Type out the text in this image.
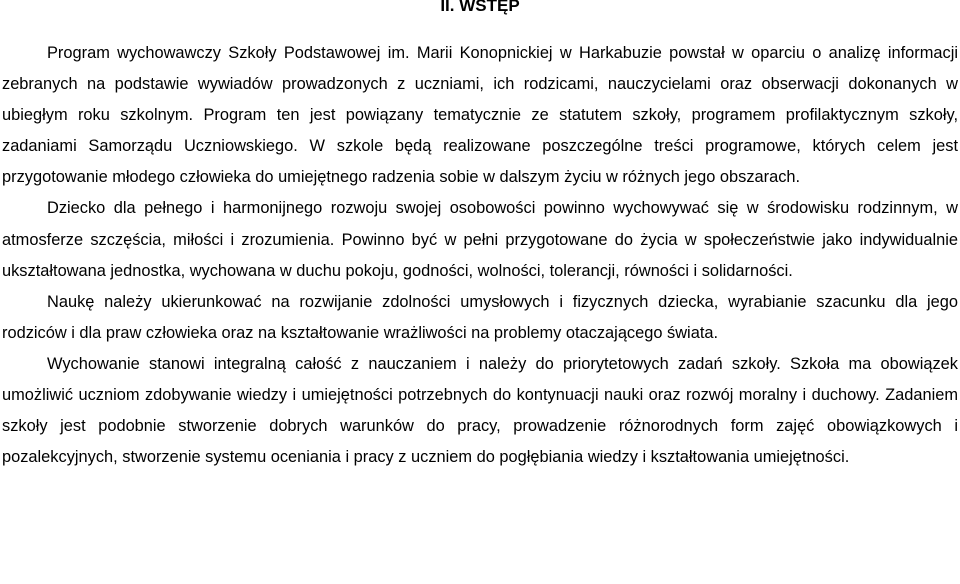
II. WSTĘP

Program wychowawczy Szkoły Podstawowej im. Marii Konopnickiej w Harkabuzie powstał w oparciu o analizę informacji zebranych na podstawie wywiadów prowadzonych z uczniami, ich rodzicami, nauczycielami oraz obserwacji dokonanych w ubiegłym roku szkolnym. Program ten jest powiązany tematycznie ze statutem szkoły, programem profilaktycznym szkoły, zadaniami Samorządu Uczniowskiego. W szkole będą realizowane poszczególne treści programowe, których celem jest przygotowanie młodego człowieka do umiejętnego radzenia sobie w dalszym życiu w różnych jego obszarach.

Dziecko dla pełnego i harmonijnego rozwoju swojej osobowości powinno wychowywać się w środowisku rodzinnym, w atmosferze szczęścia, miłości i zrozumienia. Powinno być w pełni przygotowane do życia w społeczeństwie jako indywidualnie ukształtowana jednostka, wychowana w duchu pokoju, godności, wolności, tolerancji, równości i solidarności.

Naukę należy ukierunkować na rozwijanie zdolności umysłowych i fizycznych dziecka, wyrabianie szacunku dla jego rodziców i dla praw człowieka oraz na kształtowanie wrażliwości na problemy otaczającego świata.

Wychowanie stanowi integralną całość z nauczaniem i należy do priorytetowych zadań szkoły. Szkoła ma obowiązek umożliwić uczniom zdobywanie wiedzy i umiejętności potrzebnych do kontynuacji nauki oraz rozwój moralny i duchowy. Zadaniem szkoły jest podobnie stworzenie dobrych warunków do pracy, prowadzenie różnorodnych form zajęć obowiązkowych i pozalekcyjnych, stworzenie systemu oceniania i pracy z uczniem do pogłębiania wiedzy i kształtowania umiejętności.
